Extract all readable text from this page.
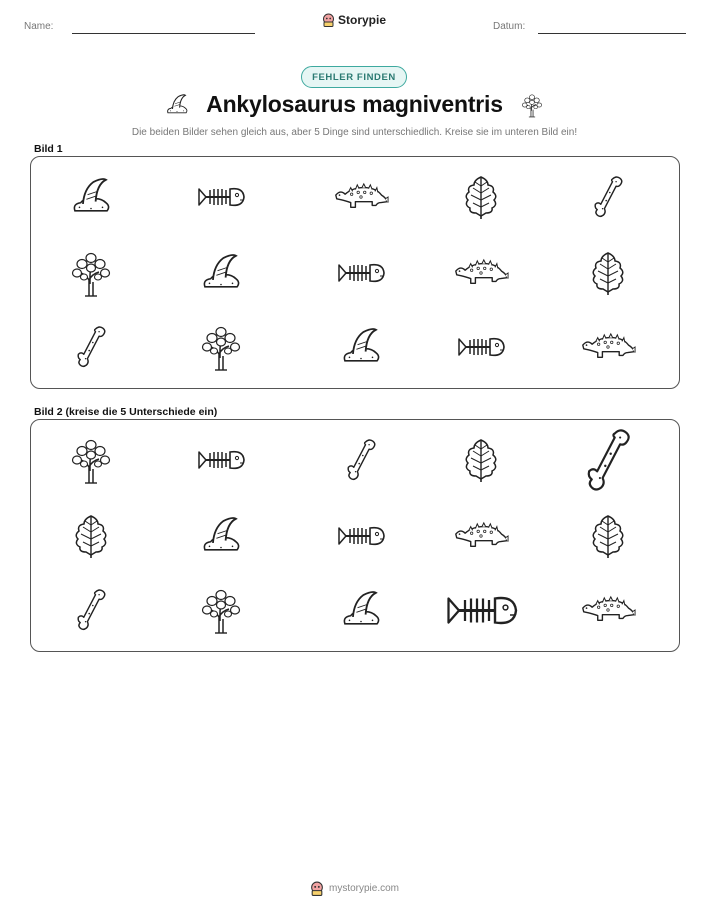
Name:	Storypie	Datum:
FEHLER FINDEN
Ankylosaurus magniventris
Die beiden Bilder sehen gleich aus, aber 5 Dinge sind unterschiedlich. Kreise sie im unteren Bild ein!
Bild 1
Bild 2 (kreise die 5 Unterschiede ein)
mystorypie.com
